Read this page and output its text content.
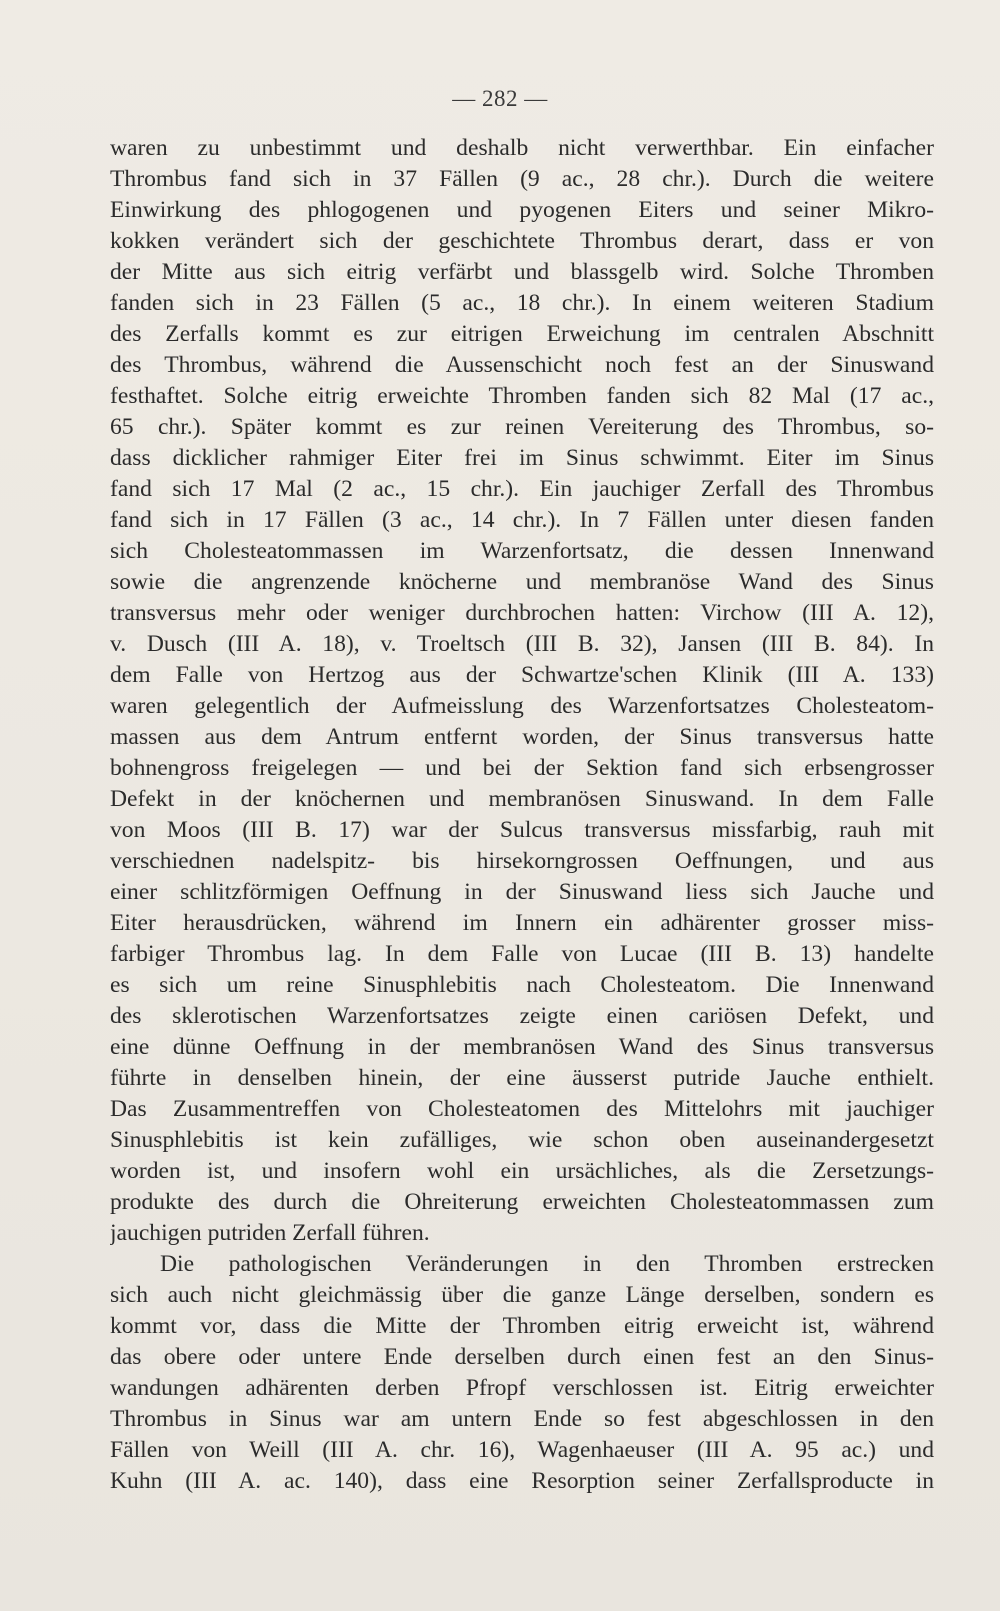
— 282 —
waren zu unbestimmt und deshalb nicht verwerthbar. Ein einfacher
Thrombus fand sich in 37 Fällen (9 ac., 28 chr.). Durch die weitere
Einwirkung des phlogogenen und pyogenen Eiters und seiner Mikro-
kokken verändert sich der geschichtete Thrombus derart, dass er von
der Mitte aus sich eitrig verfärbt und blassgelb wird. Solche Thromben
fanden sich in 23 Fällen (5 ac., 18 chr.). In einem weiteren Stadium
des Zerfalls kommt es zur eitrigen Erweichung im centralen Abschnitt
des Thrombus, während die Aussenschicht noch fest an der Sinuswand
festhaftet. Solche eitrig erweichte Thromben fanden sich 82 Mal (17 ac.,
65 chr.). Später kommt es zur reinen Vereiterung des Thrombus, so-
dass dicklicher rahmiger Eiter frei im Sinus schwimmt. Eiter im Sinus
fand sich 17 Mal (2 ac., 15 chr.). Ein jauchiger Zerfall des Thrombus
fand sich in 17 Fällen (3 ac., 14 chr.). In 7 Fällen unter diesen fanden
sich Cholesteatommassen im Warzenfortsatz, die dessen Innenwand
sowie die angrenzende knöcherne und membranöse Wand des Sinus
transversus mehr oder weniger durchbrochen hatten: Virchow (III A. 12),
v. Dusch (III A. 18), v. Troeltsch (III B. 32), Jansen (III B. 84). In
dem Falle von Hertzog aus der Schwartze'schen Klinik (III A. 133)
waren gelegentlich der Aufmeisslung des Warzenfortsatzes Cholesteatom-
massen aus dem Antrum entfernt worden, der Sinus transversus hatte
bohnengross freigelegen — und bei der Sektion fand sich erbsengrosser
Defekt in der knöchernen und membranösen Sinuswand. In dem Falle
von Moos (III B. 17) war der Sulcus transversus missfarbig, rauh mit
verschiednen nadelspitz- bis hirsekorngrossen Oeffnungen, und aus
einer schlitzförmigen Oeffnung in der Sinuswand liess sich Jauche und
Eiter herausdrücken, während im Innern ein adhärenter grosser miss-
farbiger Thrombus lag. In dem Falle von Lucae (III B. 13) handelte
es sich um reine Sinusphlebitis nach Cholesteatom. Die Innenwand
des sklerotischen Warzenfortsatzes zeigte einen cariösen Defekt, und
eine dünne Oeffnung in der membranösen Wand des Sinus transversus
führte in denselben hinein, der eine äusserst putride Jauche enthielt.
Das Zusammentreffen von Cholesteatomen des Mittelohrs mit jauchiger
Sinusphlebitis ist kein zufälliges, wie schon oben auseinandergesetzt
worden ist, und insofern wohl ein ursächliches, als die Zersetzungs-
produkte des durch die Ohreiterung erweichten Cholesteatommassen zum
jauchigen putriden Zerfall führen.
Die pathologischen Veränderungen in den Thromben erstrecken
sich auch nicht gleichmässig über die ganze Länge derselben, sondern es
kommt vor, dass die Mitte der Thromben eitrig erweicht ist, während
das obere oder untere Ende derselben durch einen fest an den Sinus-
wandungen adhärenten derben Pfropf verschlossen ist. Eitrig erweichter
Thrombus in Sinus war am untern Ende so fest abgeschlossen in den
Fällen von Weill (III A. chr. 16), Wagenhaeuser (III A. 95 ac.) und
Kuhn (III A. ac. 140), dass eine Resorption seiner Zerfallsproducte in
